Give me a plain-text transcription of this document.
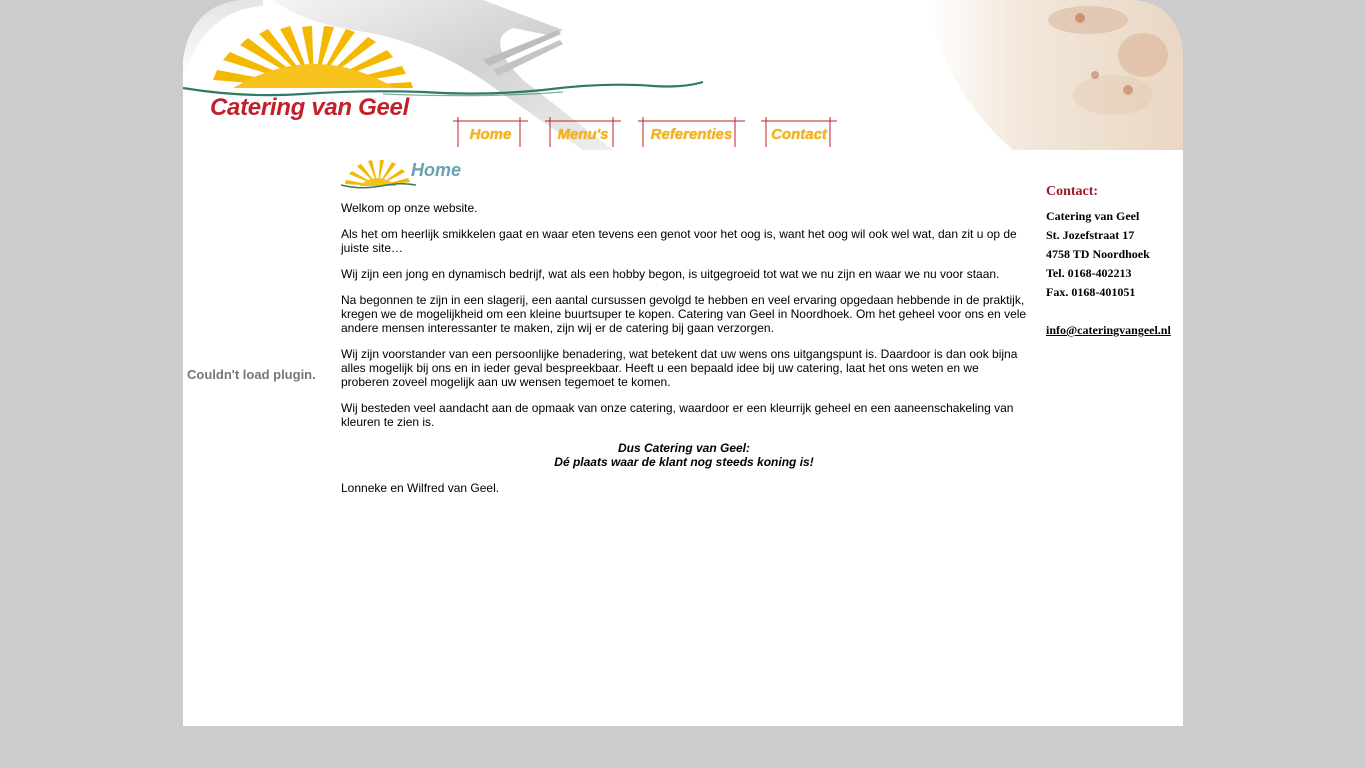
Catering van Geel
Home	Menu's	Referenties	Contact
Couldn't load plugin.
Home

Welkom op onze website.

Als het om heerlijk smikkelen gaat en waar eten tevens een genot voor het oog is, want het oog wil ook wel wat, dan zit u op de juiste site…

Wij zijn een jong en dynamisch bedrijf, wat als een hobby begon, is uitgegroeid tot wat we nu zijn en waar we nu voor staan.

Na begonnen te zijn in een slagerij, een aantal cursussen gevolgd te hebben en veel ervaring opgedaan hebbende in de praktijk, kregen we de mogelijkheid om een kleine buurtsuper te kopen. Catering van Geel in Noordhoek. Om het geheel voor ons en vele andere mensen interessanter te maken, zijn wij er de catering bij gaan verzorgen.

Wij zijn voorstander van een persoonlijke benadering, wat betekent dat uw wens ons uitgangspunt is. Daardoor is dan ook bijna alles mogelijk bij ons en in ieder geval bespreekbaar. Heeft u een bepaald idee bij uw catering, laat het ons weten en we proberen zoveel mogelijk aan uw wensen tegemoet te komen.

Wij besteden veel aandacht aan de opmaak van onze catering, waardoor er een kleurrijk geheel en een aaneenschakeling van kleuren te zien is.

Dus Catering van Geel:
Dé plaats waar de klant nog steeds koning is!

Lonneke en Wilfred van Geel.

Contact:
Catering van Geel
St. Jozefstraat 17
4758 TD Noordhoek
Tel. 0168-402213
Fax. 0168-401051
info@cateringvangeel.nl
